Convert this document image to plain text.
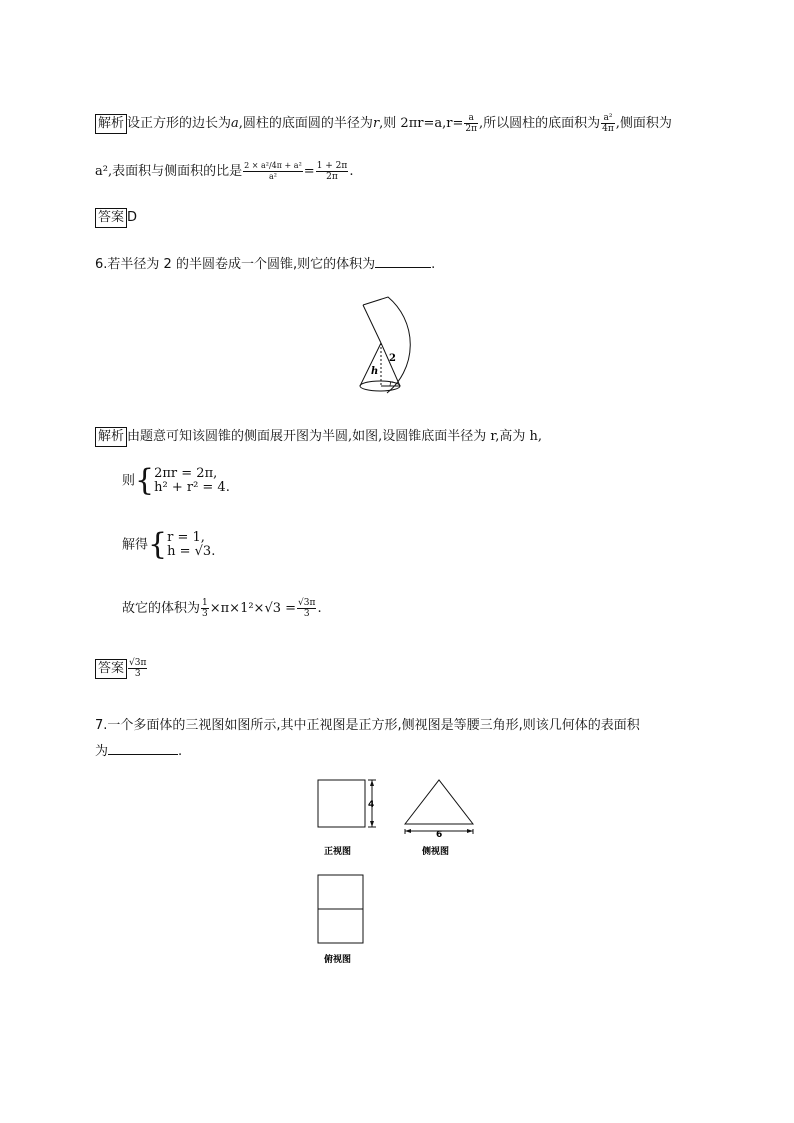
解析 设正方形的边长为a,圆柱的底面圆的半径为r,则 $2\pi r=a,r= \frac{a}{2\pi}$ ,所以圆柱的底面积为 $\frac{\text{a²}}{4\pi}$ ,侧面积为
a²,表面积与侧面积的比是 $\frac{\text{2 × a²/4π + a²}}{\text{a²}} = \frac{1 + 2\pi}{2\pi}$ .
答案 D
6.若半径为 2 的半圆卷成一个圆锥,则它的体积为	.
2
h
r
解析 由题意可知该圆锥的侧面展开图为半圆,如图,设圆锥底面半径为 r,高为 h,
则{ 2πr = 2π,
h² + r² = 4.
解得{ r = 1,
h = √3.
故它的体积为 $\frac{1}{3} \times\pi\times 1^2\times√3 = \frac{√3\pi}{3}$ .
答案 $\frac{√3\pi}{3}$
7.一个多面体的三视图如图所示,其中正视图是正方形,侧视图是等腰三角形,则该几何体的表面积
为	.
4
正视图
6
侧视图
俯视图
